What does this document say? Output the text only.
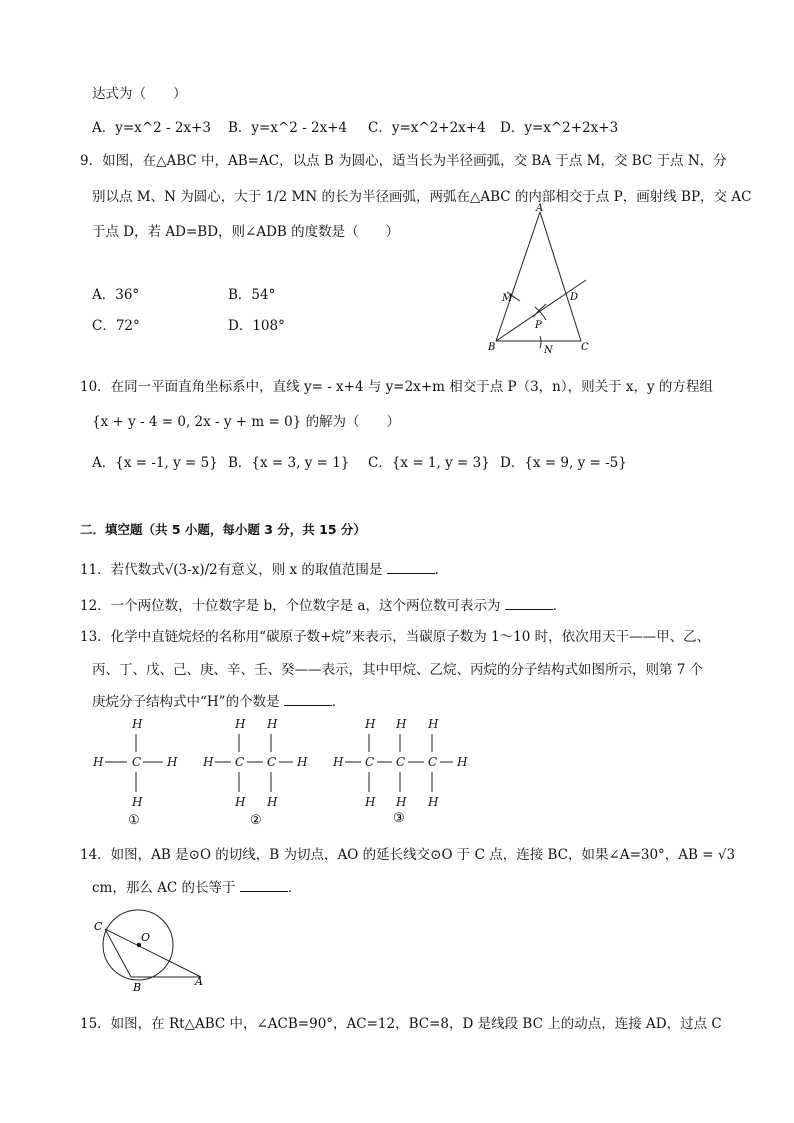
达式为（　　）
A．y=x^2 - 2x+3 B．y=x^2 - 2x+4 C．y=x^2+2x+4 D．y=x^2+2x+3
9．如图，在△ABC 中，AB=AC，以点 B 为圆心，适当长为半径画弧，交 BA 于点 M，交 BC 于点 N，分
别以点 M、N 为圆心，大于 1/2 MN 的长为半径画弧，两弧在△ABC 的内部相交于点 P，画射线 BP，交 AC
于点 D，若 AD=BD，则∠ADB 的度数是（　　）
A．36°	B．54°
C．72°	D．108°
A
M	D
P
B	N	C
10．在同一平面直角坐标系中，直线 y= - x+4 与 y=2x+m 相交于点 P（3，n），则关于 x，y 的方程组
{x + y - 4 = 0, 2x - y + m = 0} 的解为（　　）
A．{x = -1, y = 5} B．{x = 3, y = 1} C．{x = 1, y = 3} D．{x = 9, y = -5}
二．填空题（共 5 小题，每小题 3 分，共 15 分）
11．若代数式√(3-x)/2有意义，则 x 的取值范围是	．
12．一个两位数，十位数字是 b，个位数字是 a，这个两位数可表示为	．
13．化学中直链烷烃的名称用“碳原子数+烷”来表示，当碳原子数为 1～10 时，依次用天干——甲、乙、
丙、丁、戊、己、庚、辛、壬、癸——表示，其中甲烷、乙烷、丙烷的分子结构式如图所示，则第 7 个
庚烷分子结构式中“H”的个数是	．
H
H C H
H
H H
H C C H
H H
H H H
H C C C H
H H H
①	②	③
14．如图，AB 是⊙O 的切线，B 为切点，AO 的延长线交⊙O 于 C 点，连接 BC，如果∠A=30°，AB = √3
cm，那么 AC 的长等于	．
C
O
B	A
15．如图，在 Rt△ABC 中，∠ACB=90°，AC=12，BC=8，D 是线段 BC 上的动点，连接 AD，过点 C
